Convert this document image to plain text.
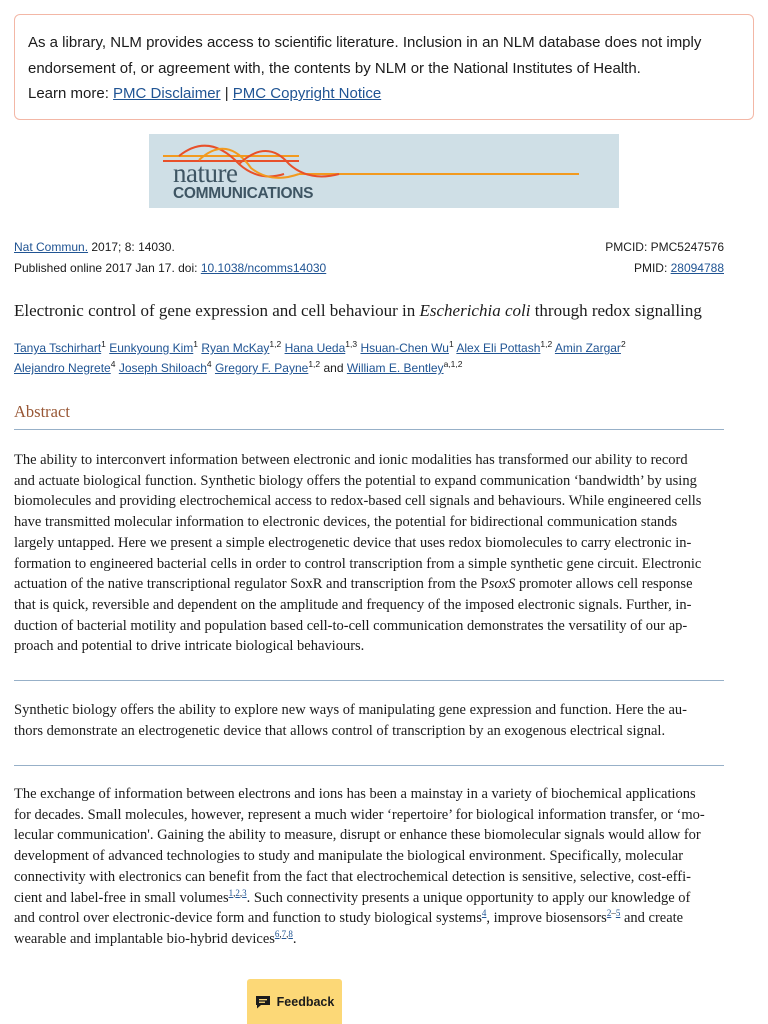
As a library, NLM provides access to scientific literature. Inclusion in an NLM database does not imply
endorsement of, or agreement with, the contents by NLM or the National Institutes of Health.
Learn more: PMC Disclaimer | PMC Copyright Notice
nature
COMMUNICATIONS
Nat Commun. 2017; 8: 14030.
Published online 2017 Jan 17. doi: 10.1038/ncomms14030
PMCID: PMC5247576
PMID: 28094788
Electronic control of gene expression and cell behaviour in Escherichia coli through redox signalling
Tanya Tschirhart$^1$ Eunkyoung Kim$^1$ Ryan McKay$^{1,2}$ Hana Ueda$^{1,3}$ Hsuan-Chen Wu$^1$ Alex Eli Pottash$^{1,2}$ Amin Zargar$^2$
Alejandro Negrete$^4$ Joseph Shiloach$^4$ Gregory F. Payne$^{1,2}$ and William E. Bentley$^{a,1,2}$
Abstract
The ability to interconvert information between electronic and ionic modalities has transformed our ability to record
and actuate biological function. Synthetic biology offers the potential to expand communication ‘bandwidth’ by using
biomolecules and providing electrochemical access to redox-based cell signals and behaviours. While engineered cells
have transmitted molecular information to electronic devices, the potential for bidirectional communication stands
largely untapped. Here we present a simple electrogenetic device that uses redox biomolecules to carry electronic in-
formation to engineered bacterial cells in order to control transcription from a simple synthetic gene circuit. Electronic
actuation of the native transcriptional regulator SoxR and transcription from the PsoxS promoter allows cell response
that is quick, reversible and dependent on the amplitude and frequency of the imposed electronic signals. Further, in-
duction of bacterial motility and population based cell-to-cell communication demonstrates the versatility of our ap-
proach and potential to drive intricate biological behaviours.
Synthetic biology offers the ability to explore new ways of manipulating gene expression and function. Here the au-
thors demonstrate an electrogenetic device that allows control of transcription by an exogenous electrical signal.
The exchange of information between electrons and ions has been a mainstay in a variety of biochemical applications
for decades. Small molecules, however, represent a much wider ‘repertoire’ for biological information transfer, or ‘mo-
lecular communication'. Gaining the ability to measure, disrupt or enhance these biomolecular signals would allow for
development of advanced technologies to study and manipulate the biological environment. Specifically, molecular
connectivity with electronics can benefit from the fact that electrochemical detection is sensitive, selective, cost-effi-
cient and label-free in small volumes$^{1,2,3}$. Such connectivity presents a unique opportunity to apply our knowledge of
and control over electronic-device form and function to study biological systems$^4$, improve biosensors$^{2-5}$ and create
wearable and implantable bio-hybrid devices$^{6,7,8}$.
Feedback
